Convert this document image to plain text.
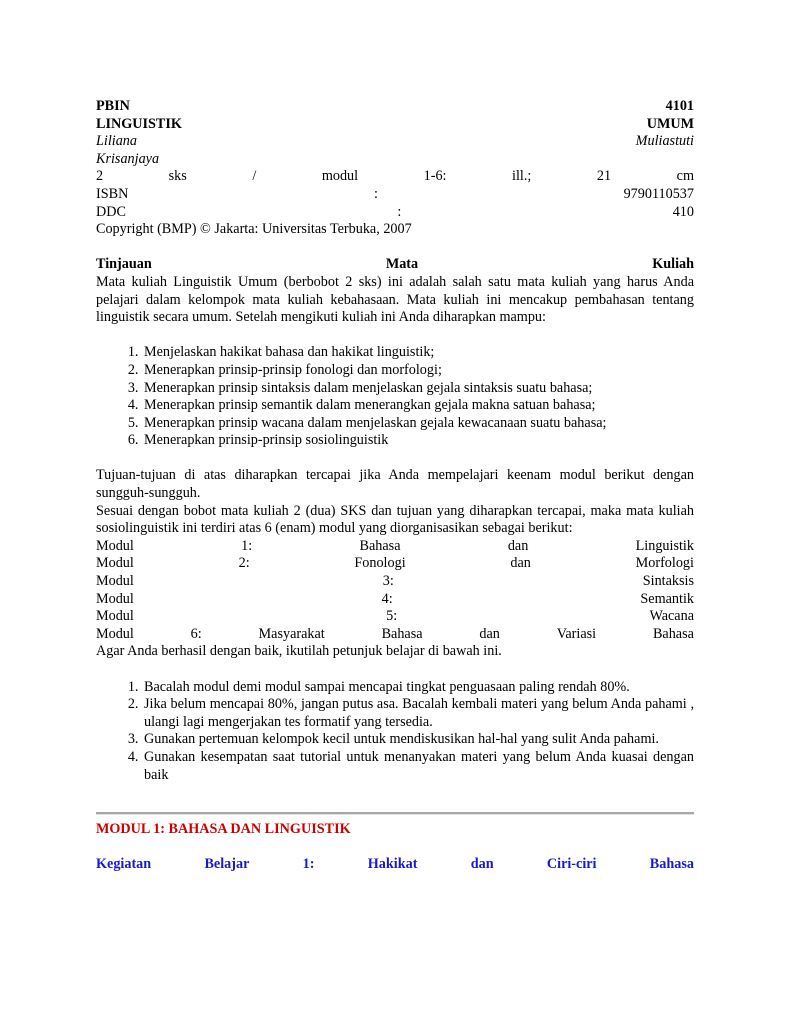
PBIN	4101
LINGUISTIK	UMUM
Liliana	Muliastuti
Krisanjaya
2	sks	/	modul	1-6:	ill.;	21	cm
ISBN	:	9790110537
DDC	:	410
Copyright (BMP) © Jakarta: Universitas Terbuka, 2007
Tinjauan	Mata	Kuliah
Mata kuliah Linguistik Umum (berbobot 2 sks) ini adalah salah satu mata kuliah yang harus Anda pelajari dalam kelompok mata kuliah kebahasaan. Mata kuliah ini mencakup pembahasan tentang linguistik secara umum. Setelah mengikuti kuliah ini Anda diharapkan mampu:
1. Menjelaskan hakikat bahasa dan hakikat linguistik;
2. Menerapkan prinsip-prinsip fonologi dan morfologi;
3. Menerapkan prinsip sintaksis dalam menjelaskan gejala sintaksis suatu bahasa;
4. Menerapkan prinsip semantik dalam menerangkan gejala makna satuan bahasa;
5. Menerapkan prinsip wacana dalam menjelaskan gejala kewacanaan suatu bahasa;
6. Menerapkan prinsip-prinsip sosiolinguistik
Tujuan-tujuan di atas diharapkan tercapai jika Anda mempelajari keenam modul berikut dengan sungguh-sungguh.
Sesuai dengan bobot mata kuliah 2 (dua) SKS dan tujuan yang diharapkan tercapai, maka mata kuliah sosiolinguistik ini terdiri atas 6 (enam) modul yang diorganisasikan sebagai berikut:
Modul	1:	Bahasa	dan	Linguistik
Modul	2:	Fonologi	dan	Morfologi
Modul	3:	Sintaksis
Modul	4:	Semantik
Modul	5:	Wacana
Modul	6:	Masyarakat	Bahasa	dan	Variasi	Bahasa
Agar Anda berhasil dengan baik, ikutilah petunjuk belajar di bawah ini.
1. Bacalah modul demi modul sampai mencapai tingkat penguasaan paling rendah 80%.
2. Jika belum mencapai 80%, jangan putus asa. Bacalah kembali materi yang belum Anda pahami , ulangi lagi mengerjakan tes formatif yang tersedia.
3. Gunakan pertemuan kelompok kecil untuk mendiskusikan hal-hal yang sulit Anda pahami.
4. Gunakan kesempatan saat tutorial untuk menanyakan materi yang belum Anda kuasai dengan baik
MODUL 1: BAHASA DAN LINGUISTIK
Kegiatan	Belajar	1:	Hakikat	dan	Ciri-ciri	Bahasa
